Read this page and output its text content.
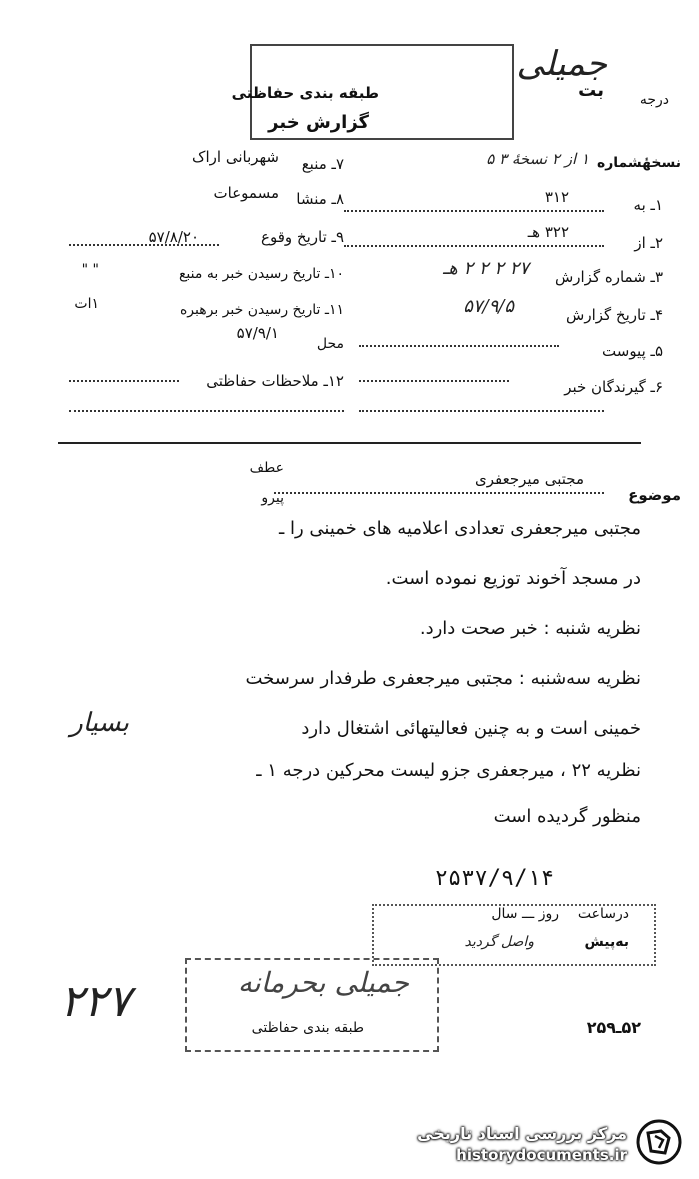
درجه
بت
جمیلی
طبقه بندی حفاظتی
گزارش خبر
نسخهٔشماره
۱ از ۲ نسخهٔ ۳ ۵
۱ـ به
۳۱۲
۲ـ از
۳۲۲ هـ
۳ـ شماره گزارش
۲۷ ۲ ۲ ۲ هـ
۴ـ تاریخ گزارش
۵۷/۹/۵
۵ـ پیوست
۶ـ گیرندگان خبر
۷ـ منبع
شهربانی اراک
۸ـ منشا
مسموعات
۹ـ تاریخ وقوع
۵۷/۸/۲۰
۱۰ـ تاریخ رسیدن خبر به منبع
" "
۱۱ـ تاریخ رسیدن خبر برهبره
۱ات
محل
۵۷/۹/۱
۱۲ـ ملاحظات حفاظتی
موضوع
مجتبی میرجعفری
عطف
پیرو
مجتبی میرجعفری تعدادی اعلامیه های خمینی را ـ
در مسجد آخوند توزیع نموده است.
نظریه شنبه : خبر صحت دارد.
نظریه سه‌شنبه : مجتبی میرجعفری طرفدار سرسخت
خمینی است و به چنین فعالیتهائی اشتغال دارد
بسیار
نظریه ۲۲ ، میرجعفری جزو لیست محرکین درجه ۱ ـ
منظور گردیده است
۲۵۳۷/۹/۱۴
درساعت
روز ـــ سال
به‌پیش
واصل گردید
جمیلی بحرمانه
طبقه بندی حفاظتی
۲۲۷
۵۲ـ۲۵۹
مرکز بررسی اسناد تاریخی
historydocuments.ir
